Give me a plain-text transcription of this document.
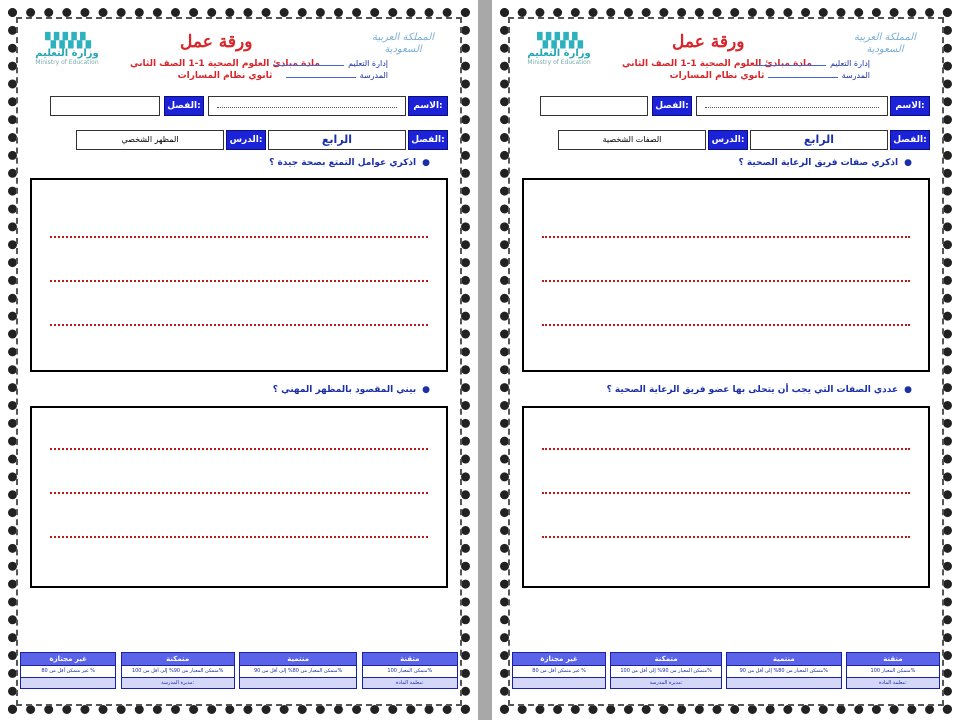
▚▚▚▚▚
وزارة التعليم
Ministry of Education
ورقة عمل
مادة مبادئ العلوم الصحية 1-1 الصف الثاني
ثانوي نظام المسارات
المملكة العربية السعودية
إدارة التعليم
المدرسة
الاسم:
الفصل:
الفصل:
الرابع
الدرس:
المظهر الشخصي
●اذكري عوامل التمتع بصحة جيدة ؟
●بيني المقصود بالمظهر المهني ؟
متقنة
متمكن المعيار 100%
معلمة المادة:
منتمية
متمكن المعيار من 80% إلى أقل من 90%
متمكنة
متمكن المعيار من 90% إلى أقل من 100%
مديرة المدرسة:
غير مجتازة
غير متمكن أقل من 80 %
▚▚▚▚▚
وزارة التعليم
Ministry of Education
ورقة عمل
مادة مبادئ العلوم الصحية 1-1 الصف الثاني
ثانوي نظام المسارات
المملكة العربية السعودية
إدارة التعليم
المدرسة
الاسم:
الفصل:
الفصل:
الرابع
الدرس:
الصفات الشخصية
●اذكري صفات فريق الرعاية الصحية ؟
●عددي الصفات التي يجب أن يتحلى بها عضو فريق الرعاية الصحية ؟
متقنة
متمكن المعيار 100%
معلمة المادة:
منتمية
متمكن المعيار من 80% إلى أقل من 90%
متمكنة
متمكن المعيار من 90% إلى أقل من 100%
مديرة المدرسة:
غير مجتازة
غير متمكن أقل من 80 %
